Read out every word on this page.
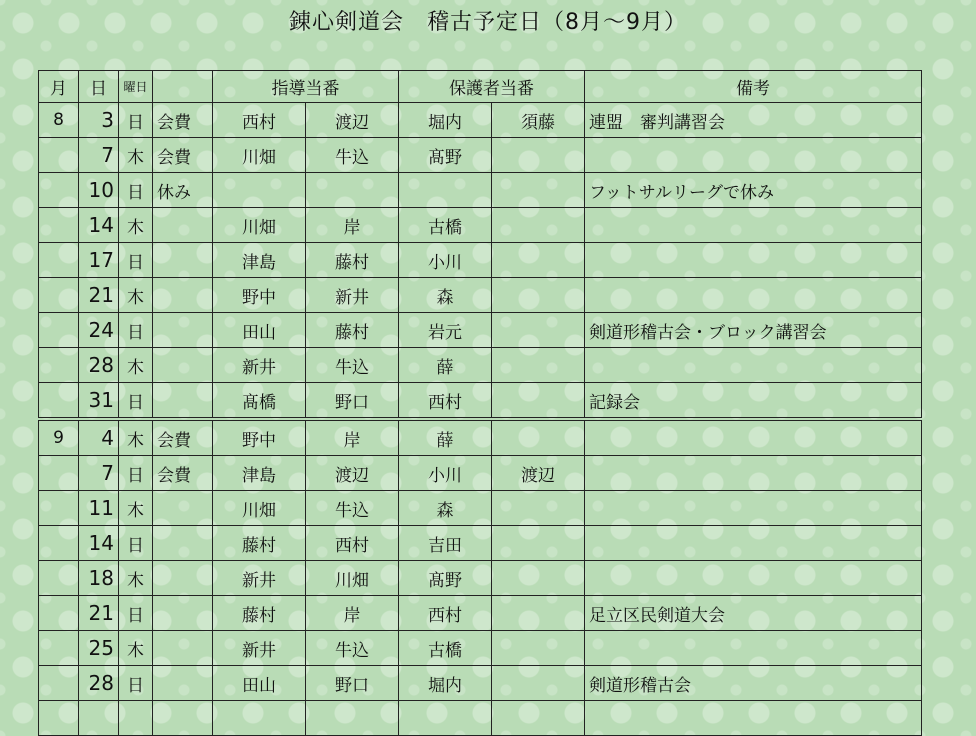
錬心剣道会　稽古予定日（8月～9月）
月	日	曜日		指導当番		保護者当番		備考
8	3	日	会費	西村	渡辺	堀内	須藤	連盟　審判講習会
	7	木	会費	川畑	牛込	髙野		
	10	日	休み					フットサルリーグで休み
	14	木		川畑	岸	古橋		
	17	日		津島	藤村	小川		
	21	木		野中	新井	森		
	24	日		田山	藤村	岩元		剣道形稽古会・ブロック講習会
	28	木		新井	牛込	薛		
	31	日		髙橋	野口	西村		記録会
9	4	木	会費	野中	岸	薛		
	7	日	会費	津島	渡辺	小川	渡辺	
	11	木		川畑	牛込	森		
	14	日		藤村	西村	吉田		
	18	木		新井	川畑	髙野		
	21	日		藤村	岸	西村		足立区民剣道大会
	25	木		新井	牛込	古橋		
	28	日		田山	野口	堀内		剣道形稽古会
